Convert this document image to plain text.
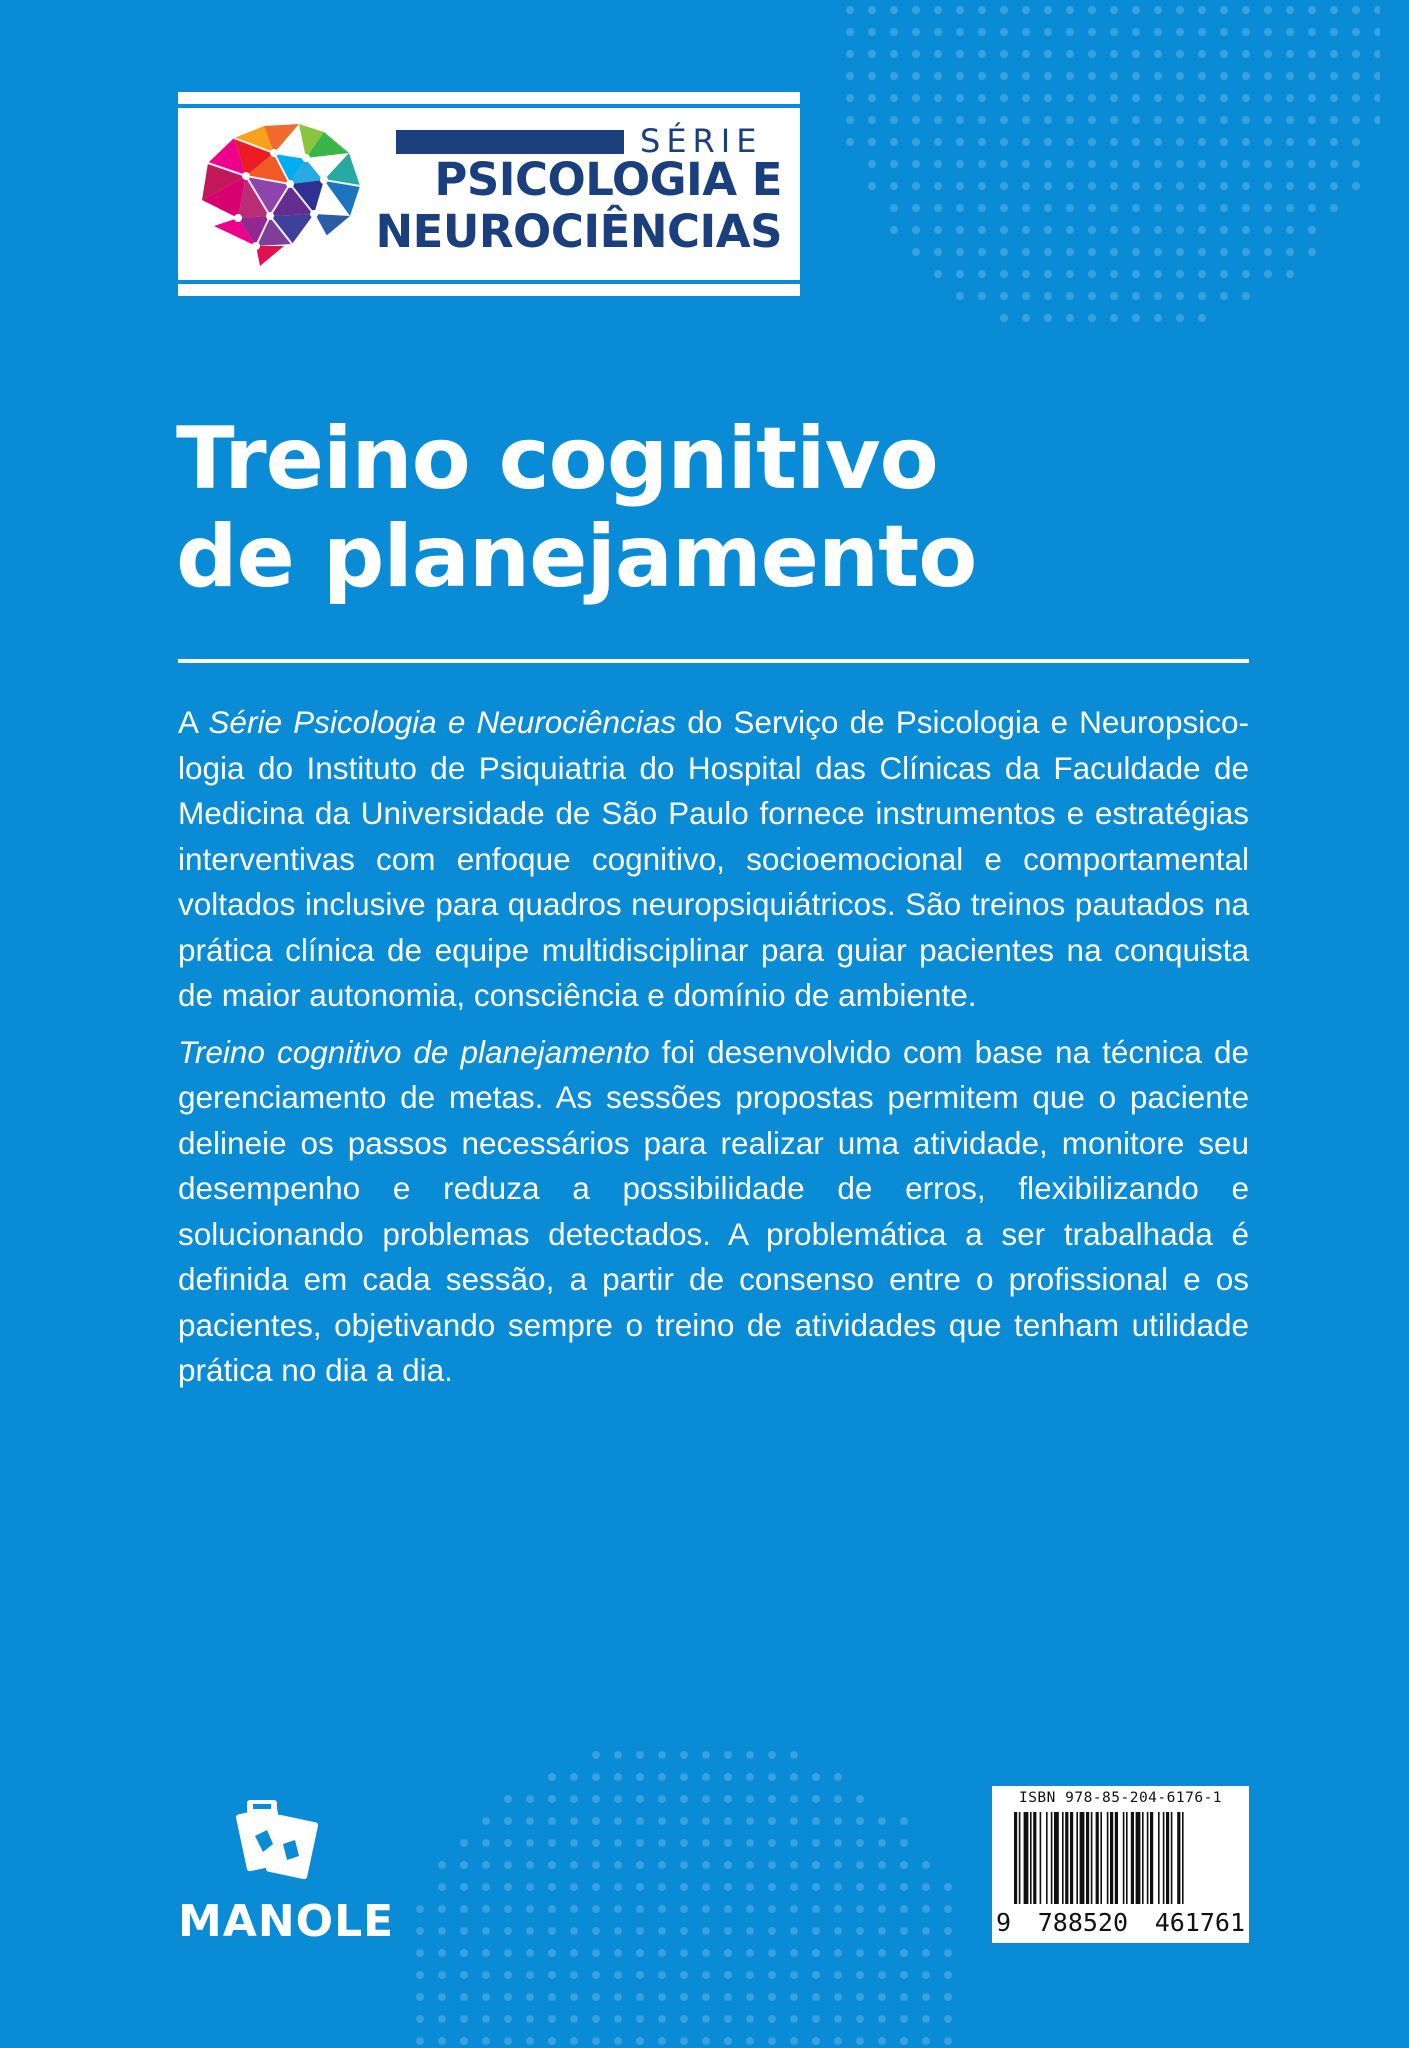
SÉRIE
PSICOLOGIA E
NEUROCIÊNCIAS
Treino cognitivo
de planejamento

A Série Psicologia e Neurociências do Serviço de Psicologia e Neuropsicologia do Instituto de Psiquiatria do Hospital das Clínicas da Faculdade de Medicina da Universidade de São Paulo fornece instrumentos e estratégias interventivas com enfoque cognitivo, socioemocional e comportamental voltados inclusive para quadros neuropsiquiátricos. São treinos pautados na prática clínica de equipe multidisciplinar para guiar pacientes na conquista de maior autonomia, consciência e domínio de ambiente.

Treino cognitivo de planejamento foi desenvolvido com base na técnica de gerenciamento de metas. As sessões propostas permitem que o paciente delineie os passos necessários para realizar uma atividade, monitore seu desempenho e reduza a possibilidade de erros, flexibilizando e solucionando problemas detectados. A problemática a ser trabalhada é definida em cada sessão, a partir de consenso entre o profissional e os pacientes, objetivando sempre o treino de atividades que tenham utilidade prática no dia a dia.

MANOLE
ISBN 978-85-204-6176-1
9 788520 461761
